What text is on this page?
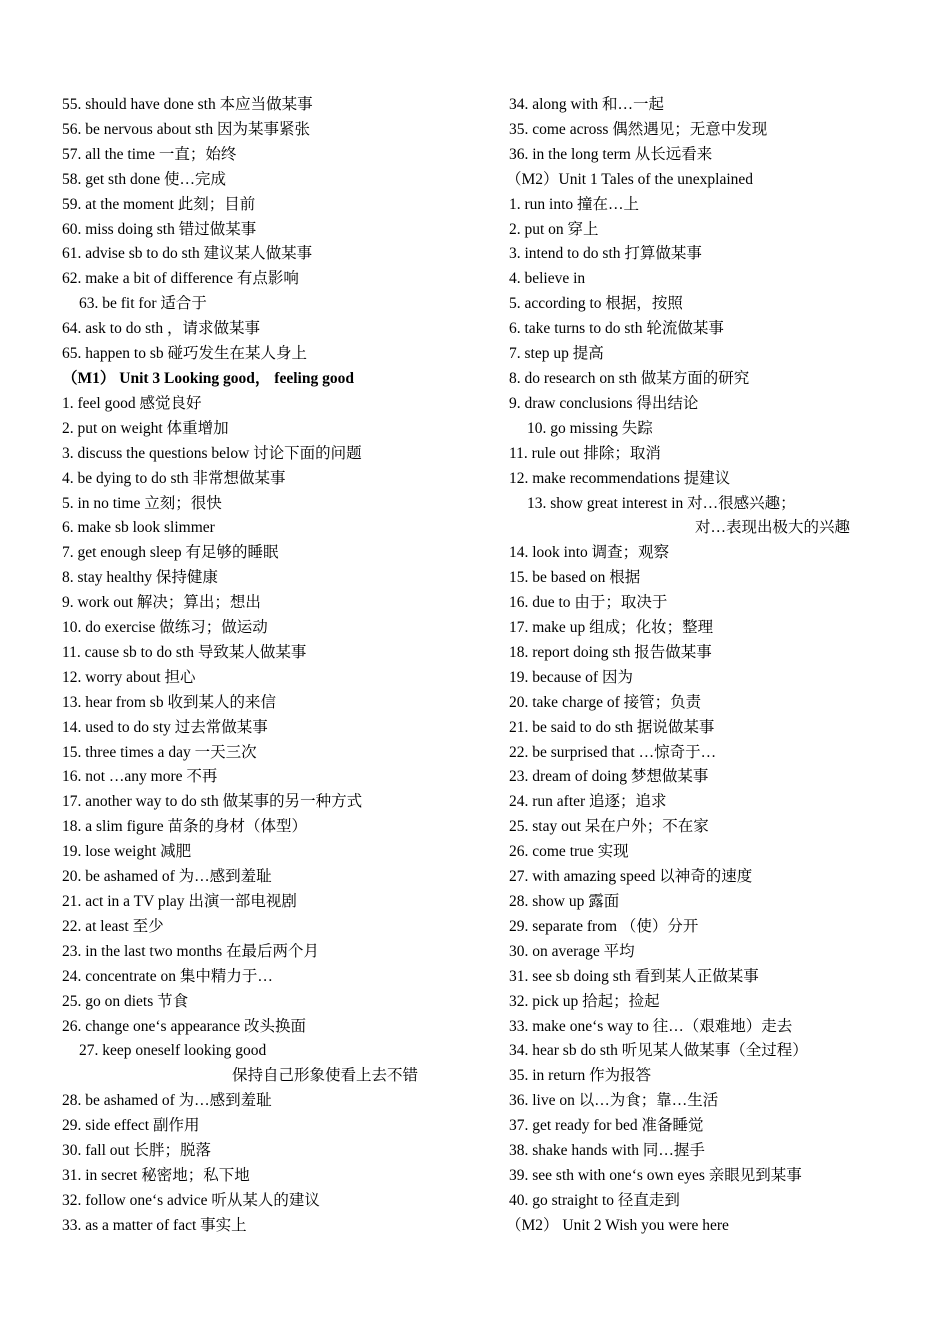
55. should have done sth 本应当做某事
56. be nervous about sth 因为某事紧张
57. all the time 一直；始终
58. get sth done 使…完成
59. at the moment 此刻；目前
60. miss doing sth 错过做某事
61. advise sb to do sth 建议某人做某事
62. make a bit of difference 有点影响
63. be fit for 适合于
64. ask to do sth ，请求做某事
65. happen to sb 碰巧发生在某人身上
（M1） Unit 3 Looking good， feeling good
1. feel good 感觉良好
2. put on weight 体重增加
3. discuss the questions below 讨论下面的问题
4. be dying to do sth 非常想做某事
5. in no time 立刻；很快
6. make sb look slimmer
7. get enough sleep 有足够的睡眠
8. stay healthy 保持健康
9. work out 解决；算出；想出
10. do exercise 做练习；做运动
11. cause sb to do sth 导致某人做某事
12. worry about 担心
13. hear from sb 收到某人的来信
14. used to do sty 过去常做某事
15. three times a day 一天三次
16. not …any more 不再
17. another way to do sth 做某事的另一种方式
18. a slim figure 苗条的身材（体型）
19. lose weight 减肥
20. be ashamed of 为…感到羞耻
21. act in a TV play 出演一部电视剧
22. at least 至少
23. in the last two months 在最后两个月
24. concentrate on 集中精力于…
25. go on diets 节食
26. change one‘s appearance 改头换面
27. keep oneself looking good
保持自己形象使看上去不错
28. be ashamed of 为…感到羞耻
29. side effect 副作用
30. fall out 长胖；脱落
31. in secret 秘密地；私下地
32. follow one‘s advice 听从某人的建议
33. as a matter of fact 事实上
34. along with 和…一起
35. come across 偶然遇见；无意中发现
36. in the long term 从长远看来
（M2）Unit 1 Tales of the unexplained
1. run into 撞在…上
2. put on 穿上
3. intend to do sth 打算做某事
4. believe in
5. according to 根据，按照
6. take turns to do sth 轮流做某事
7. step up 提高
8. do research on sth 做某方面的研究
9. draw conclusions 得出结论
10. go missing 失踪
11. rule out 排除；取消
12. make recommendations 提建议
13. show great interest in 对…很感兴趣；
对…表现出极大的兴趣
14. look into 调查；观察
15. be based on 根据
16. due to 由于；取决于
17. make up 组成；化妆；整理
18. report doing sth 报告做某事
19. because of 因为
20. take charge of 接管；负责
21. be said to do sth 据说做某事
22. be surprised that …惊奇于…
23. dream of doing 梦想做某事
24. run after 追逐；追求
25. stay out 呆在户外；不在家
26. come true 实现
27. with amazing speed 以神奇的速度
28. show up 露面
29. separate from （使）分开
30. on average 平均
31. see sb doing sth 看到某人正做某事
32. pick up 拾起；捡起
33. make one‘s way to 往…（艰难地）走去
34. hear sb do sth 听见某人做某事（全过程）
35. in return 作为报答
36. live on 以…为食；靠…生活
37. get ready for bed 准备睡觉
38. shake hands with 同…握手
39. see sth with one‘s own eyes 亲眼见到某事
40. go straight to 径直走到
（M2） Unit 2 Wish you were here
